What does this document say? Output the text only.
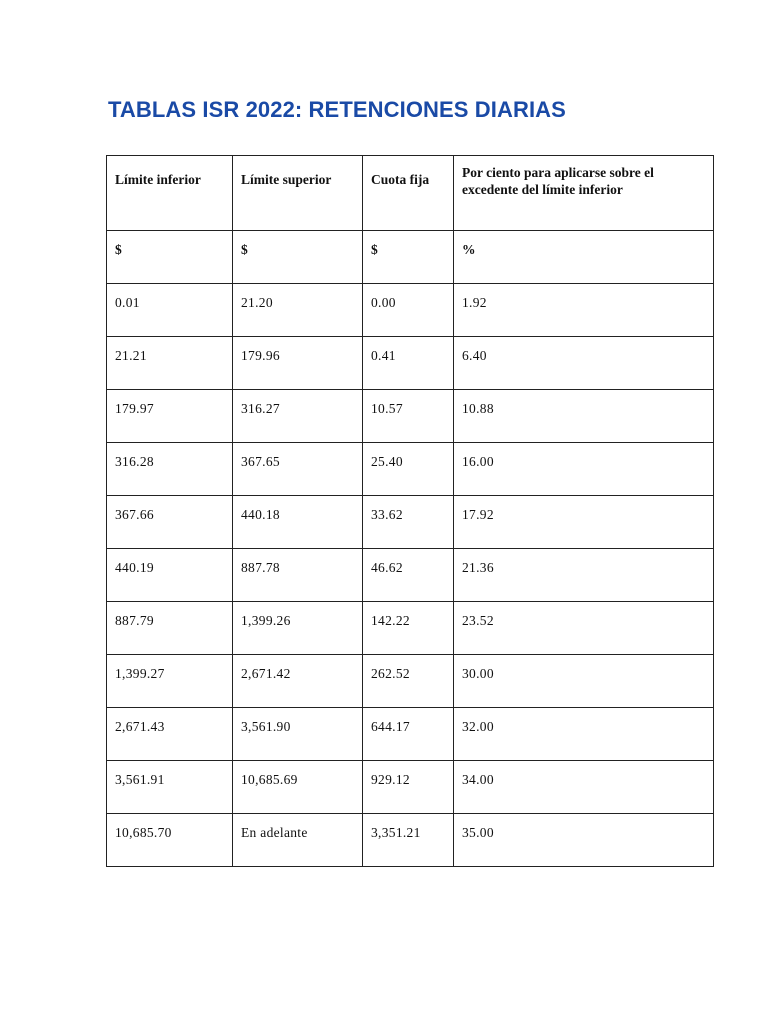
TABLAS ISR 2022: RETENCIONES DIARIAS
Límite inferior	Límite superior	Cuota fija	Por ciento para aplicarse sobre el excedente del límite inferior
$	$	$	%
0.01	21.20	0.00	1.92
21.21	179.96	0.41	6.40
179.97	316.27	10.57	10.88
316.28	367.65	25.40	16.00
367.66	440.18	33.62	17.92
440.19	887.78	46.62	21.36
887.79	1,399.26	142.22	23.52
1,399.27	2,671.42	262.52	30.00
2,671.43	3,561.90	644.17	32.00
3,561.91	10,685.69	929.12	34.00
10,685.70	En adelante	3,351.21	35.00
